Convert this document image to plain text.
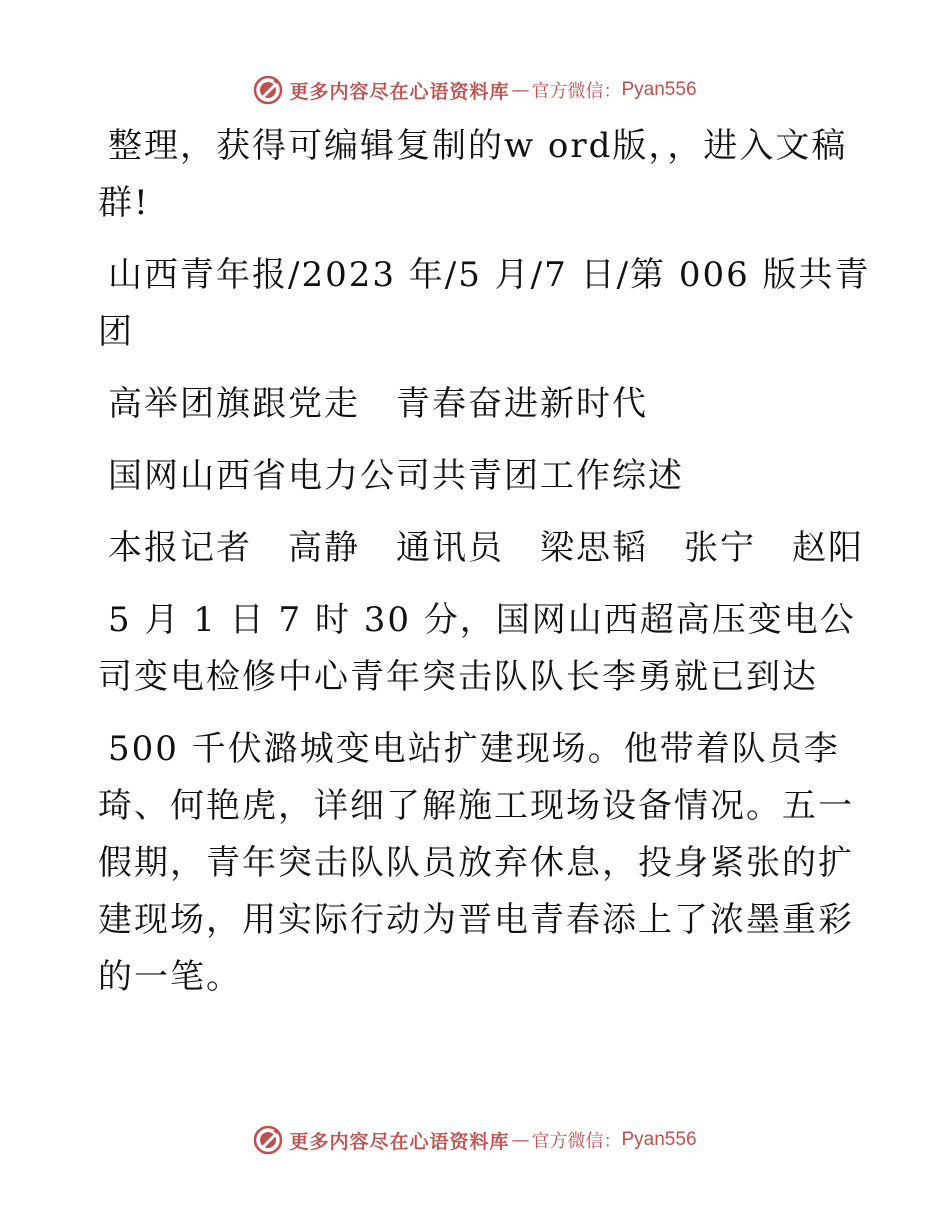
更多内容尽在心语资料库 — 官方微信： Pyan556

整理，获得可编辑复制的w ord版，，进入文稿群!

山西青年报/2023 年/5 月/7 日/第 006 版共青团

高举团旗跟党走　青春奋进新时代

国网山西省电力公司共青团工作综述

本报记者　高静　通讯员　梁思韬　张宁　赵阳

5 月 1 日 7 时 30 分，国网山西超高压变电公司变电检修中心青年突击队队长李勇就已到达

500 千伏潞城变电站扩建现场。他带着队员李琦、何艳虎，详细了解施工现场设备情况。五一假期，青年突击队队员放弃休息，投身紧张的扩建现场，用实际行动为晋电青春添上了浓墨重彩的一笔。

更多内容尽在心语资料库 — 官方微信： Pyan556
